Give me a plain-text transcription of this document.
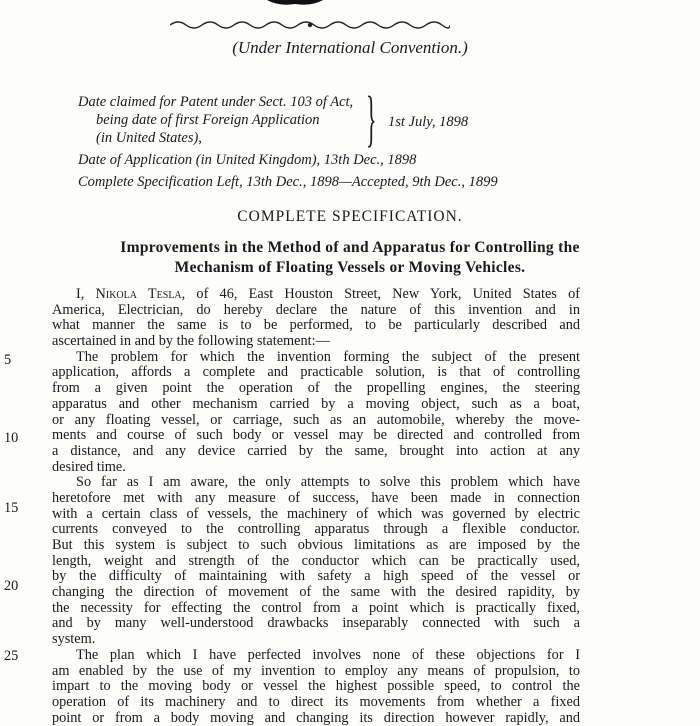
(Under International Convention.)
Date claimed for Patent under Sect. 103 of Act,
being date of first Foreign Application
(in United States),	} 1st July, 1898
Date of Application (in United Kingdom), 13th Dec., 1898
Complete Specification Left, 13th Dec., 1898—Accepted, 9th Dec., 1899
COMPLETE SPECIFICATION.
Improvements in the Method of and Apparatus for Controlling the
Mechanism of Floating Vessels or Moving Vehicles.
5
10
15
20
25
I, Nikola Tesla, of 46, East Houston Street, New York, United States of
America, Electrician, do hereby declare the nature of this invention and in
what manner the same is to be performed, to be particularly described and
ascertained in and by the following statement:—
The problem for which the invention forming the subject of the present
application, affords a complete and practicable solution, is that of controlling
from a given point the operation of the propelling engines, the steering
apparatus and other mechanism carried by a moving object, such as a boat,
or any floating vessel, or carriage, such as an automobile, whereby the move-
ments and course of such body or vessel may be directed and controlled from
a distance, and any device carried by the same, brought into action at any
desired time.
So far as I am aware, the only attempts to solve this problem which have
heretofore met with any measure of success, have been made in connection
with a certain class of vessels, the machinery of which was governed by electric
currents conveyed to the controlling apparatus through a flexible conductor.
But this system is subject to such obvious limitations as are imposed by the
length, weight and strength of the conductor which can be practically used,
by the difficulty of maintaining with safety a high speed of the vessel or
changing the direction of movement of the same with the desired rapidity, by
the necessity for effecting the control from a point which is practically fixed,
and by many well-understood drawbacks inseparably connected with such a
system.
The plan which I have perfected involves none of these objections for I
am enabled by the use of my invention to employ any means of propulsion, to
impart to the moving body or vessel the highest possible speed, to control the
operation of its machinery and to direct its movements from whether a fixed
point or from a body moving and changing its direction however rapidly, and
